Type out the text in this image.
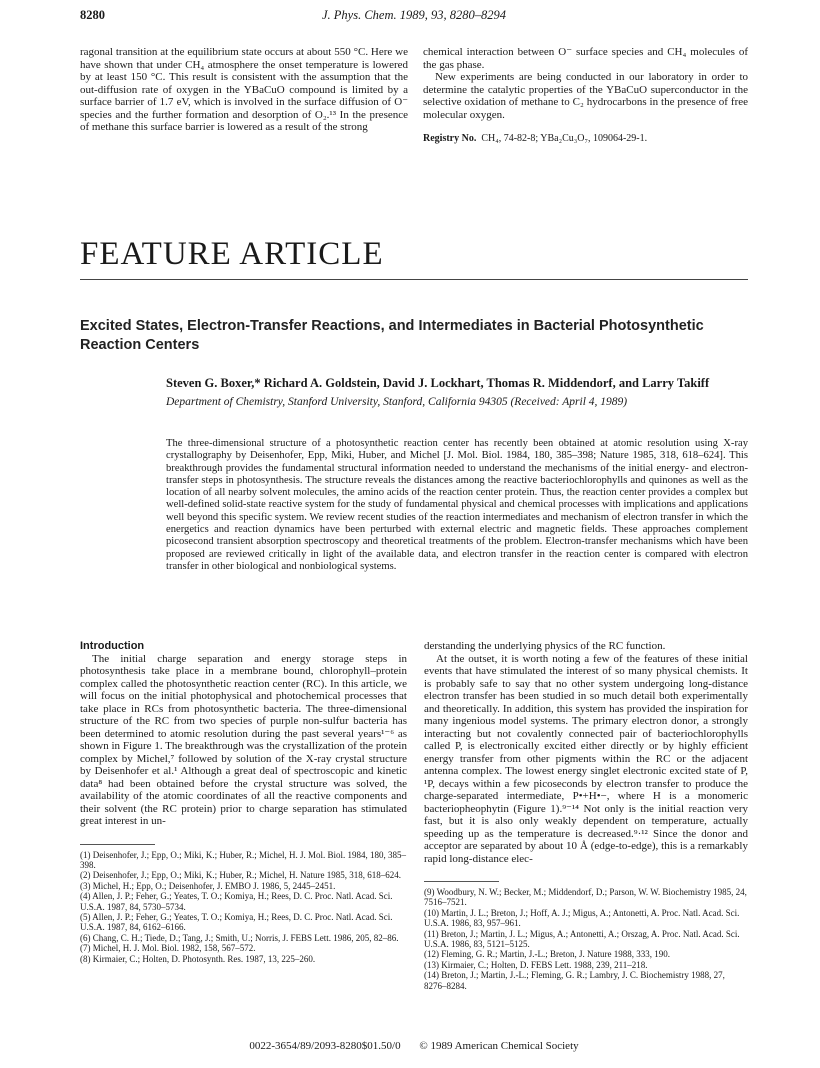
8280	J. Phys. Chem. 1989, 93, 8280–8294

ragonal transition at the equilibrium state occurs at about 550 °C. Here we have shown that under CH₄ atmosphere the onset temperature is lowered by at least 150 °C. This result is consistent with the assumption that the out-diffusion rate of oxygen in the YBaCuO compound is limited by a surface barrier of 1.7 eV, which is involved in the surface diffusion of O⁻ species and the further formation and desorption of O₂.¹³ In the presence of methane this surface barrier is lowered as a result of the strong

chemical interaction between O⁻ surface species and CH₄ molecules of the gas phase.

New experiments are being conducted in our laboratory in order to determine the catalytic properties of the YBaCuO superconductor in the selective oxidation of methane to C₂ hydrocarbons in the presence of free molecular oxygen.

Registry No. CH₄, 74-82-8; YBa₂Cu₃O₇, 109064-29-1.

FEATURE ARTICLE
Excited States, Electron-Transfer Reactions, and Intermediates in Bacterial Photosynthetic Reaction Centers
Steven G. Boxer,* Richard A. Goldstein, David J. Lockhart, Thomas R. Middendorf, and Larry Takiff
Department of Chemistry, Stanford University, Stanford, California 94305 (Received: April 4, 1989)

The three-dimensional structure of a photosynthetic reaction center has recently been obtained at atomic resolution using X-ray crystallography by Deisenhofer, Epp, Miki, Huber, and Michel [J. Mol. Biol. 1984, 180, 385–398; Nature 1985, 318, 618–624]. This breakthrough provides the fundamental structural information needed to understand the mechanisms of the initial energy- and electron-transfer steps in photosynthesis. The structure reveals the distances among the reactive bacteriochlorophylls and quinones as well as the location of all nearby solvent molecules, the amino acids of the reaction center protein. Thus, the reaction center provides a complex but well-defined solid-state reactive system for the study of fundamental physical and chemical processes with implications and applications well beyond this specific system. We review recent studies of the reaction intermediates and mechanism of electron transfer in which the energetics and reaction dynamics have been perturbed with external electric and magnetic fields. These approaches complement picosecond transient absorption spectroscopy and theoretical treatments of the problem. Electron-transfer mechanisms which have been proposed are reviewed critically in light of the available data, and electron transfer in the reaction center is compared with electron transfer in other biological and nonbiological systems.

Introduction

The initial charge separation and energy storage steps in photosynthesis take place in a membrane bound, chlorophyll–protein complex called the photosynthetic reaction center (RC). In this article, we will focus on the initial photophysical and photochemical processes that take place in RCs from photosynthetic bacteria. The three-dimensional structure of the RC from two species of purple non-sulfur bacteria has been determined to atomic resolution during the past several years¹⁻⁶ as shown in Figure 1. The breakthrough was the crystallization of the protein complex by Michel,⁷ followed by solution of the X-ray crystal structure by Deisenhofer et al.¹ Although a great deal of spectroscopic and kinetic data⁸ had been obtained before the crystal structure was solved, the availability of the atomic coordinates of all the reactive components and their solvent (the RC protein) prior to charge separation has stimulated great interest in un-

(1) Deisenhofer, J.; Epp, O.; Miki, K.; Huber, R.; Michel, H. J. Mol. Biol. 1984, 180, 385–398.

(2) Deisenhofer, J.; Epp, O.; Miki, K.; Huber, R.; Michel, H. Nature 1985, 318, 618–624.

(3) Michel, H.; Epp, O.; Deisenhofer, J. EMBO J. 1986, 5, 2445–2451.

(4) Allen, J. P.; Feher, G.; Yeates, T. O.; Komiya, H.; Rees, D. C. Proc. Natl. Acad. Sci. U.S.A. 1987, 84, 5730–5734.

(5) Allen, J. P.; Feher, G.; Yeates, T. O.; Komiya, H.; Rees, D. C. Proc. Natl. Acad. Sci. U.S.A. 1987, 84, 6162–6166.

(6) Chang, C. H.; Tiede, D.; Tang, J.; Smith, U.; Norris, J. FEBS Lett. 1986, 205, 82–86.

(7) Michel, H. J. Mol. Biol. 1982, 158, 567–572.

(8) Kirmaier, C.; Holten, D. Photosynth. Res. 1987, 13, 225–260.

derstanding the underlying physics of the RC function.

At the outset, it is worth noting a few of the features of these initial events that have stimulated the interest of so many physical chemists. It is probably safe to say that no other system undergoing long-distance electron transfer has been studied in so much detail both experimentally and theoretically. In addition, this system has provided the inspiration for many ingenious model systems. The primary electron donor, a strongly interacting but not covalently connected pair of bacteriochlorophylls called P, is electronically excited either directly or by highly efficient energy transfer from other pigments within the RC or the adjacent antenna complex. The lowest energy singlet electronic excited state of P, ¹P, decays within a few picoseconds by electron transfer to produce the charge-separated intermediate, P•+H•−, where H is a monomeric bacteriopheophytin (Figure 1).⁹⁻¹⁴ Not only is the initial reaction very fast, but it is also only weakly dependent on temperature, actually speeding up as the temperature is decreased.⁹·¹² Since the donor and acceptor are separated by about 10 Å (edge-to-edge), this is a remarkably rapid long-distance elec-

(9) Woodbury, N. W.; Becker, M.; Middendorf, D.; Parson, W. W. Biochemistry 1985, 24, 7516–7521.

(10) Martin, J. L.; Breton, J.; Hoff, A. J.; Migus, A.; Antonetti, A. Proc. Natl. Acad. Sci. U.S.A. 1986, 83, 957–961.

(11) Breton, J.; Martin, J. L.; Migus, A.; Antonetti, A.; Orszag, A. Proc. Natl. Acad. Sci. U.S.A. 1986, 83, 5121–5125.

(12) Fleming, G. R.; Martin, J.-L.; Breton, J. Nature 1988, 333, 190.

(13) Kirmaier, C.; Holten, D. FEBS Lett. 1988, 239, 211–218.

(14) Breton, J.; Martin, J.-L.; Fleming, G. R.; Lambry, J. C. Biochemistry 1988, 27, 8276–8284.

0022-3654/89/2093-8280$01.50/0 © 1989 American Chemical Society
